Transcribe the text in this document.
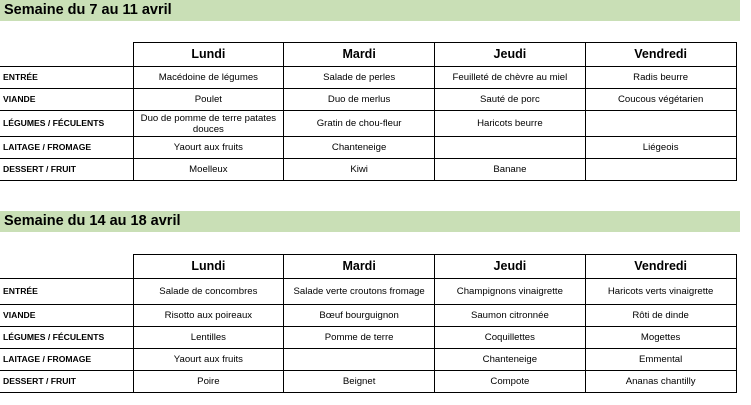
Semaine du 7 au 11 avril
	Lundi	Mardi	Jeudi	Vendredi
ENTRÉE	Macédoine de légumes	Salade de perles	Feuilleté de chèvre au miel	Radis beurre
VIANDE	Poulet	Duo de merlus	Sauté de porc	Coucous végétarien
LÉGUMES / FÉCULENTS	Duo de pomme de terre patates douces	Gratin de chou-fleur	Haricots beurre	
LAITAGE / FROMAGE	Yaourt aux fruits	Chanteneige		Liégeois
DESSERT / FRUIT	Moelleux	Kiwi	Banane	
Semaine du 14 au 18 avril
	Lundi	Mardi	Jeudi	Vendredi
ENTRÉE	Salade de concombres	Salade verte croutons fromage	Champignons vinaigrette	Haricots verts vinaigrette
VIANDE	Risotto aux poireaux	Bœuf bourguignon	Saumon citronnée	Rôti de dinde
LÉGUMES / FÉCULENTS	Lentilles	Pomme de terre	Coquillettes	Mogettes
LAITAGE / FROMAGE	Yaourt aux fruits		Chanteneige	Emmental
DESSERT / FRUIT	Poire	Beignet	Compote	Ananas chantilly
